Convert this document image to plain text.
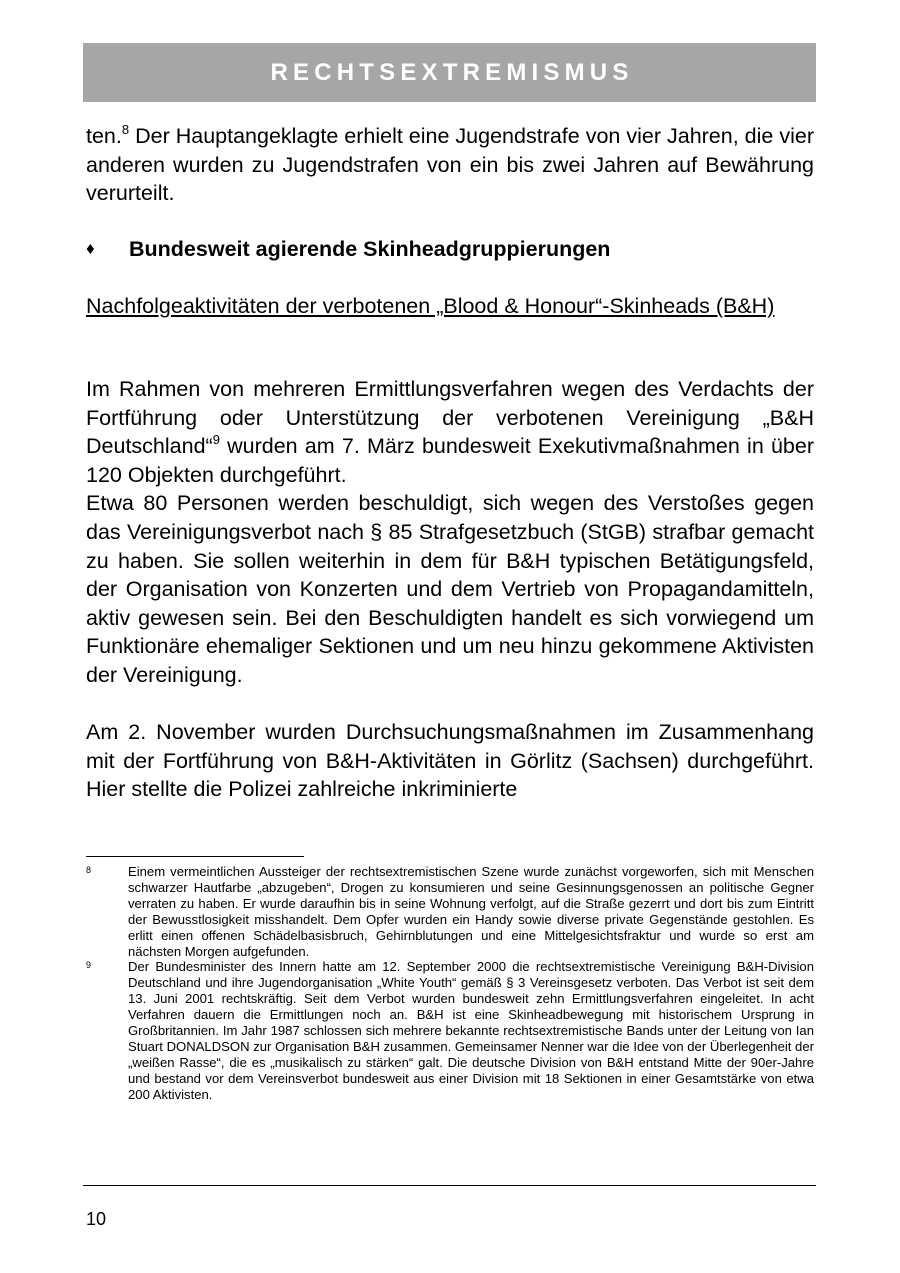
RECHTSEXTREMISMUS

ten.$^8$ Der Hauptangeklagte erhielt eine Jugendstrafe von vier Jahren, die vier anderen wurden zu Jugendstrafen von ein bis zwei Jahren auf Bewährung verurteilt.

♦	Bundesweit agierende Skinheadgruppierungen
Nachfolgeaktivitäten der verbotenen „Blood & Honour“-Skinheads (B&H)

Im Rahmen von mehreren Ermittlungsverfahren wegen des Verdachts der Fortführung oder Unterstützung der verbotenen Vereinigung „B&H Deutschland“$^9$ wurden am 7. März bundesweit Exekutivmaßnahmen in über 120 Objekten durchgeführt.

Etwa 80 Personen werden beschuldigt, sich wegen des Verstoßes gegen das Vereinigungsverbot nach § 85 Strafgesetzbuch (StGB) strafbar gemacht zu haben. Sie sollen weiterhin in dem für B&H typischen Betätigungsfeld, der Organisation von Konzerten und dem Vertrieb von Propagandamitteln, aktiv gewesen sein. Bei den Beschuldigten handelt es sich vorwiegend um Funktionäre ehemaliger Sektionen und um neu hinzu gekommene Aktivisten der Vereinigung.

Am 2. November wurden Durchsuchungsmaßnahmen im Zusammenhang mit der Fortführung von B&H-Aktivitäten in Görlitz (Sachsen) durchgeführt. Hier stellte die Polizei zahlreiche inkriminierte

8	Einem vermeintlichen Aussteiger der rechtsextremistischen Szene wurde zunächst vorgeworfen, sich mit Menschen schwarzer Hautfarbe „abzugeben“, Drogen zu konsumieren und seine Gesinnungsgenossen an politische Gegner verraten zu haben. Er wurde daraufhin bis in seine Wohnung verfolgt, auf die Straße gezerrt und dort bis zum Eintritt der Bewusstlosigkeit misshandelt. Dem Opfer wurden ein Handy sowie diverse private Gegenstände gestohlen. Es erlitt einen offenen Schädelbasisbruch, Gehirnblutungen und eine Mittelgesichtsfraktur und wurde so erst am nächsten Morgen aufgefunden.
9	Der Bundesminister des Innern hatte am 12. September 2000 die rechtsextremistische Vereinigung B&H-Division Deutschland und ihre Jugendorganisation „White Youth“ gemäß § 3 Vereinsgesetz verboten. Das Verbot ist seit dem 13. Juni 2001 rechtskräftig. Seit dem Verbot wurden bundesweit zehn Ermittlungsverfahren eingeleitet. In acht Verfahren dauern die Ermittlungen noch an. B&H ist eine Skinheadbewegung mit historischem Ursprung in Großbritannien. Im Jahr 1987 schlossen sich mehrere bekannte rechtsextremistische Bands unter der Leitung von Ian Stuart DONALDSON zur Organisation B&H zusammen. Gemeinsamer Nenner war die Idee von der Überlegenheit der „weißen Rasse“, die es „musikalisch zu stärken“ galt. Die deutsche Division von B&H entstand Mitte der 90er-Jahre und bestand vor dem Vereinsverbot bundesweit aus einer Division mit 18 Sektionen in einer Gesamtstärke von etwa 200 Aktivisten.
10
